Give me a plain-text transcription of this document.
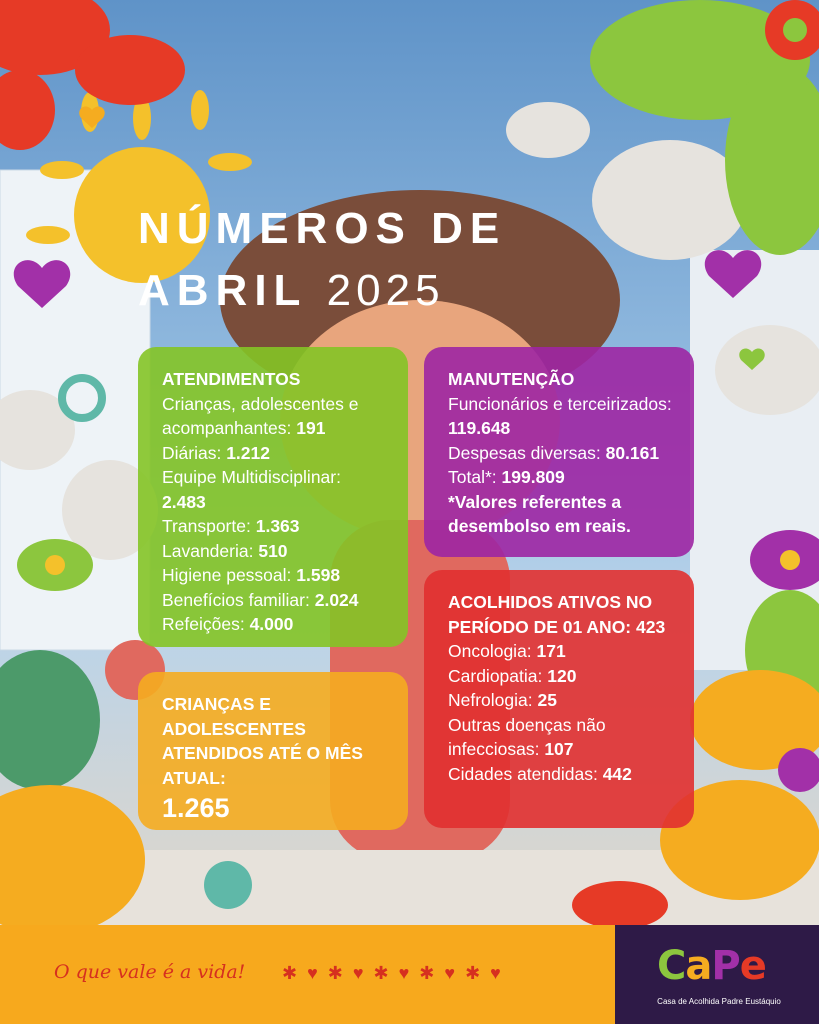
NÚMEROS DE
ABRIL 2025
ATENDIMENTOS
Crianças, adolescentes e acompanhantes: 191
Diárias: 1.212
Equipe Multidisciplinar: 2.483
Transporte: 1.363
Lavanderia: 510
Higiene pessoal: 1.598
Benefícios familiar: 2.024
Refeições: 4.000
MANUTENÇÃO
Funcionários e terceirizados: 119.648
Despesas diversas: 80.161
Total*: 199.809
*Valores referentes a desembolso em reais.
ACOLHIDOS ATIVOS NO PERÍODO DE 01 ANO: 423
Oncologia: 171
Cardiopatia: 120
Nefrologia: 25
Outras doenças não infecciosas: 107
Cidades atendidas: 442
CRIANÇAS E ADOLESCENTES ATENDIDOS ATÉ O MÊS ATUAL:
1.265
O que vale é a vida! ✱♥✱♥✱♥✱♥✱♥	CaPe
Casa de Acolhida Padre Eustáquio
